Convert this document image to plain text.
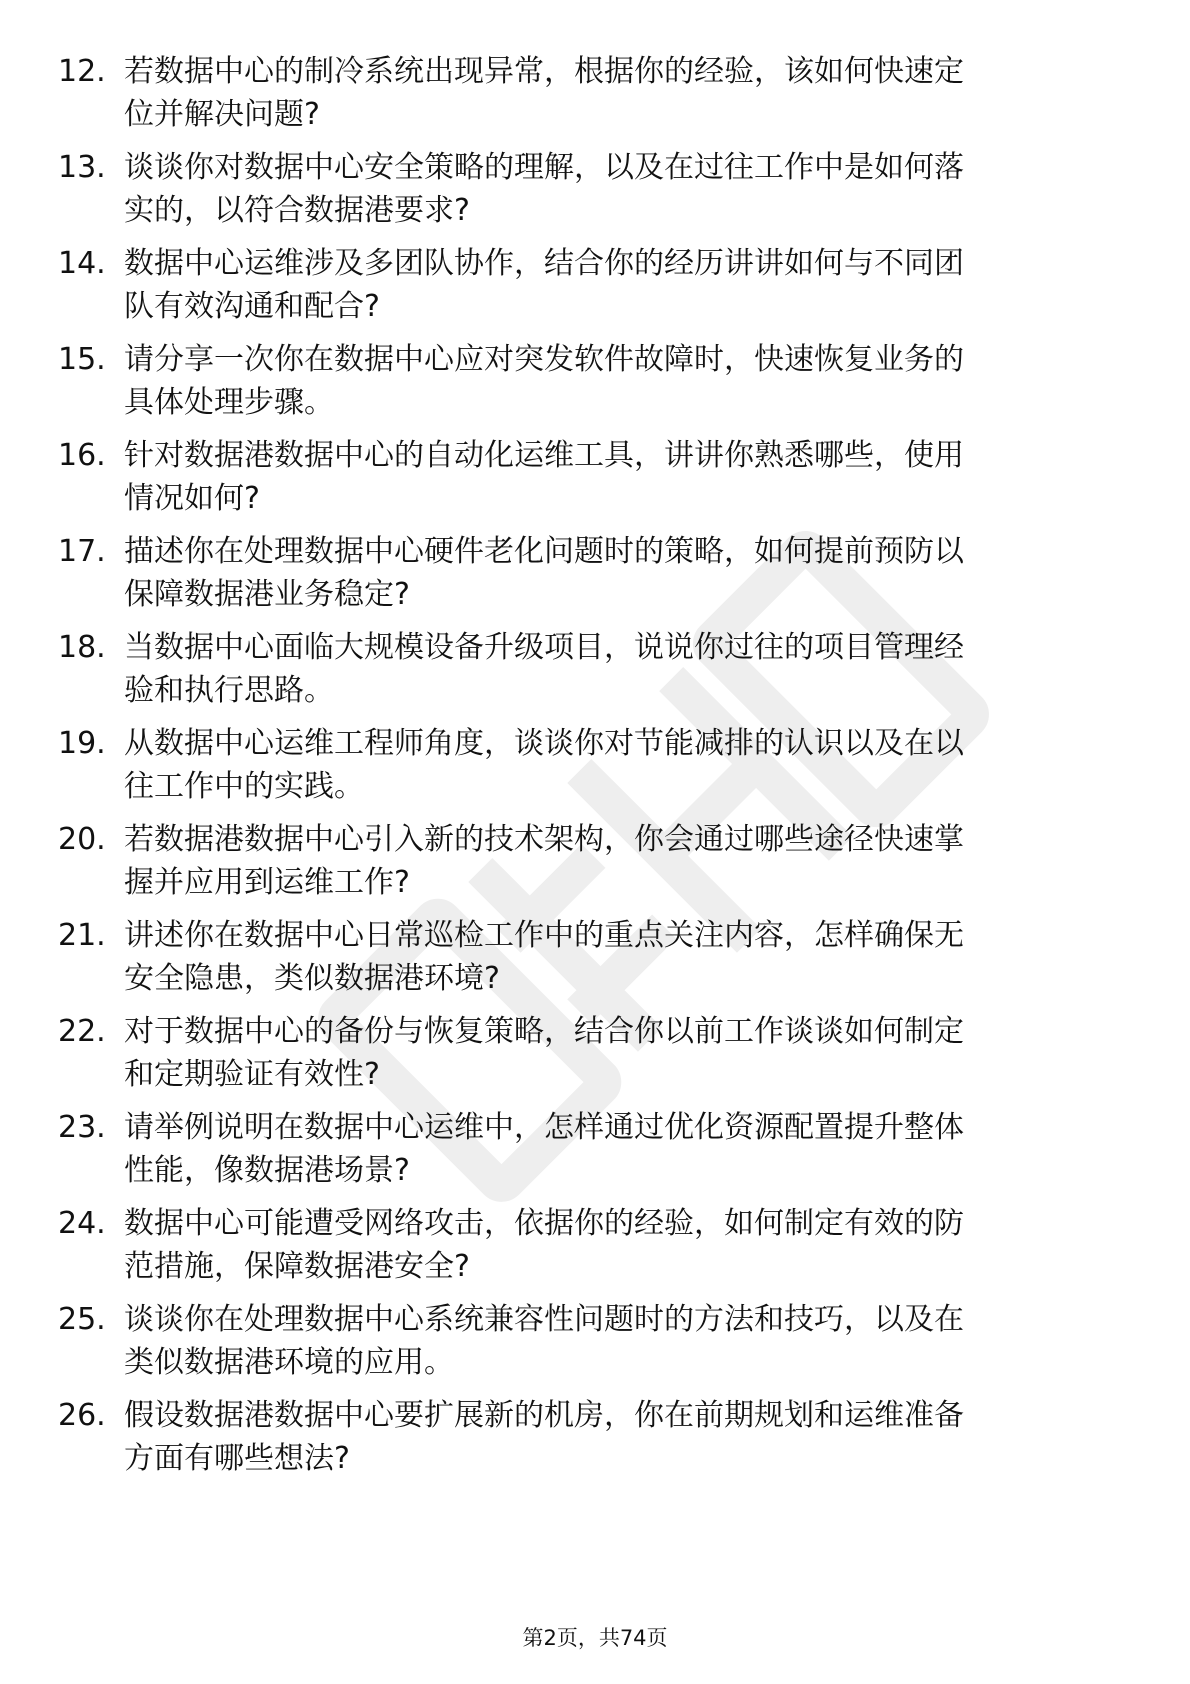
12. 若数据中心的制冷系统出现异常，根据你的经验，该如何快速定
位并解决问题?
13. 谈谈你对数据中心安全策略的理解，以及在过往工作中是如何落
实的，以符合数据港要求?
14. 数据中心运维涉及多团队协作，结合你的经历讲讲如何与不同团
队有效沟通和配合?
15. 请分享一次你在数据中心应对突发软件故障时，快速恢复业务的
具体处理步骤。
16. 针对数据港数据中心的自动化运维工具，讲讲你熟悉哪些，使用
情况如何?
17. 描述你在处理数据中心硬件老化问题时的策略，如何提前预防以
保障数据港业务稳定?
18. 当数据中心面临大规模设备升级项目，说说你过往的项目管理经
验和执行思路。
19. 从数据中心运维工程师角度，谈谈你对节能减排的认识以及在以
往工作中的实践。
20. 若数据港数据中心引入新的技术架构，你会通过哪些途径快速掌
握并应用到运维工作?
21. 讲述你在数据中心日常巡检工作中的重点关注内容，怎样确保无
安全隐患，类似数据港环境?
22. 对于数据中心的备份与恢复策略，结合你以前工作谈谈如何制定
和定期验证有效性?
23. 请举例说明在数据中心运维中，怎样通过优化资源配置提升整体
性能，像数据港场景?
24. 数据中心可能遭受网络攻击，依据你的经验，如何制定有效的防
范措施，保障数据港安全?
25. 谈谈你在处理数据中心系统兼容性问题时的方法和技巧，以及在
类似数据港环境的应用。
26. 假设数据港数据中心要扩展新的机房，你在前期规划和运维准备
方面有哪些想法?
第2页，共74页
